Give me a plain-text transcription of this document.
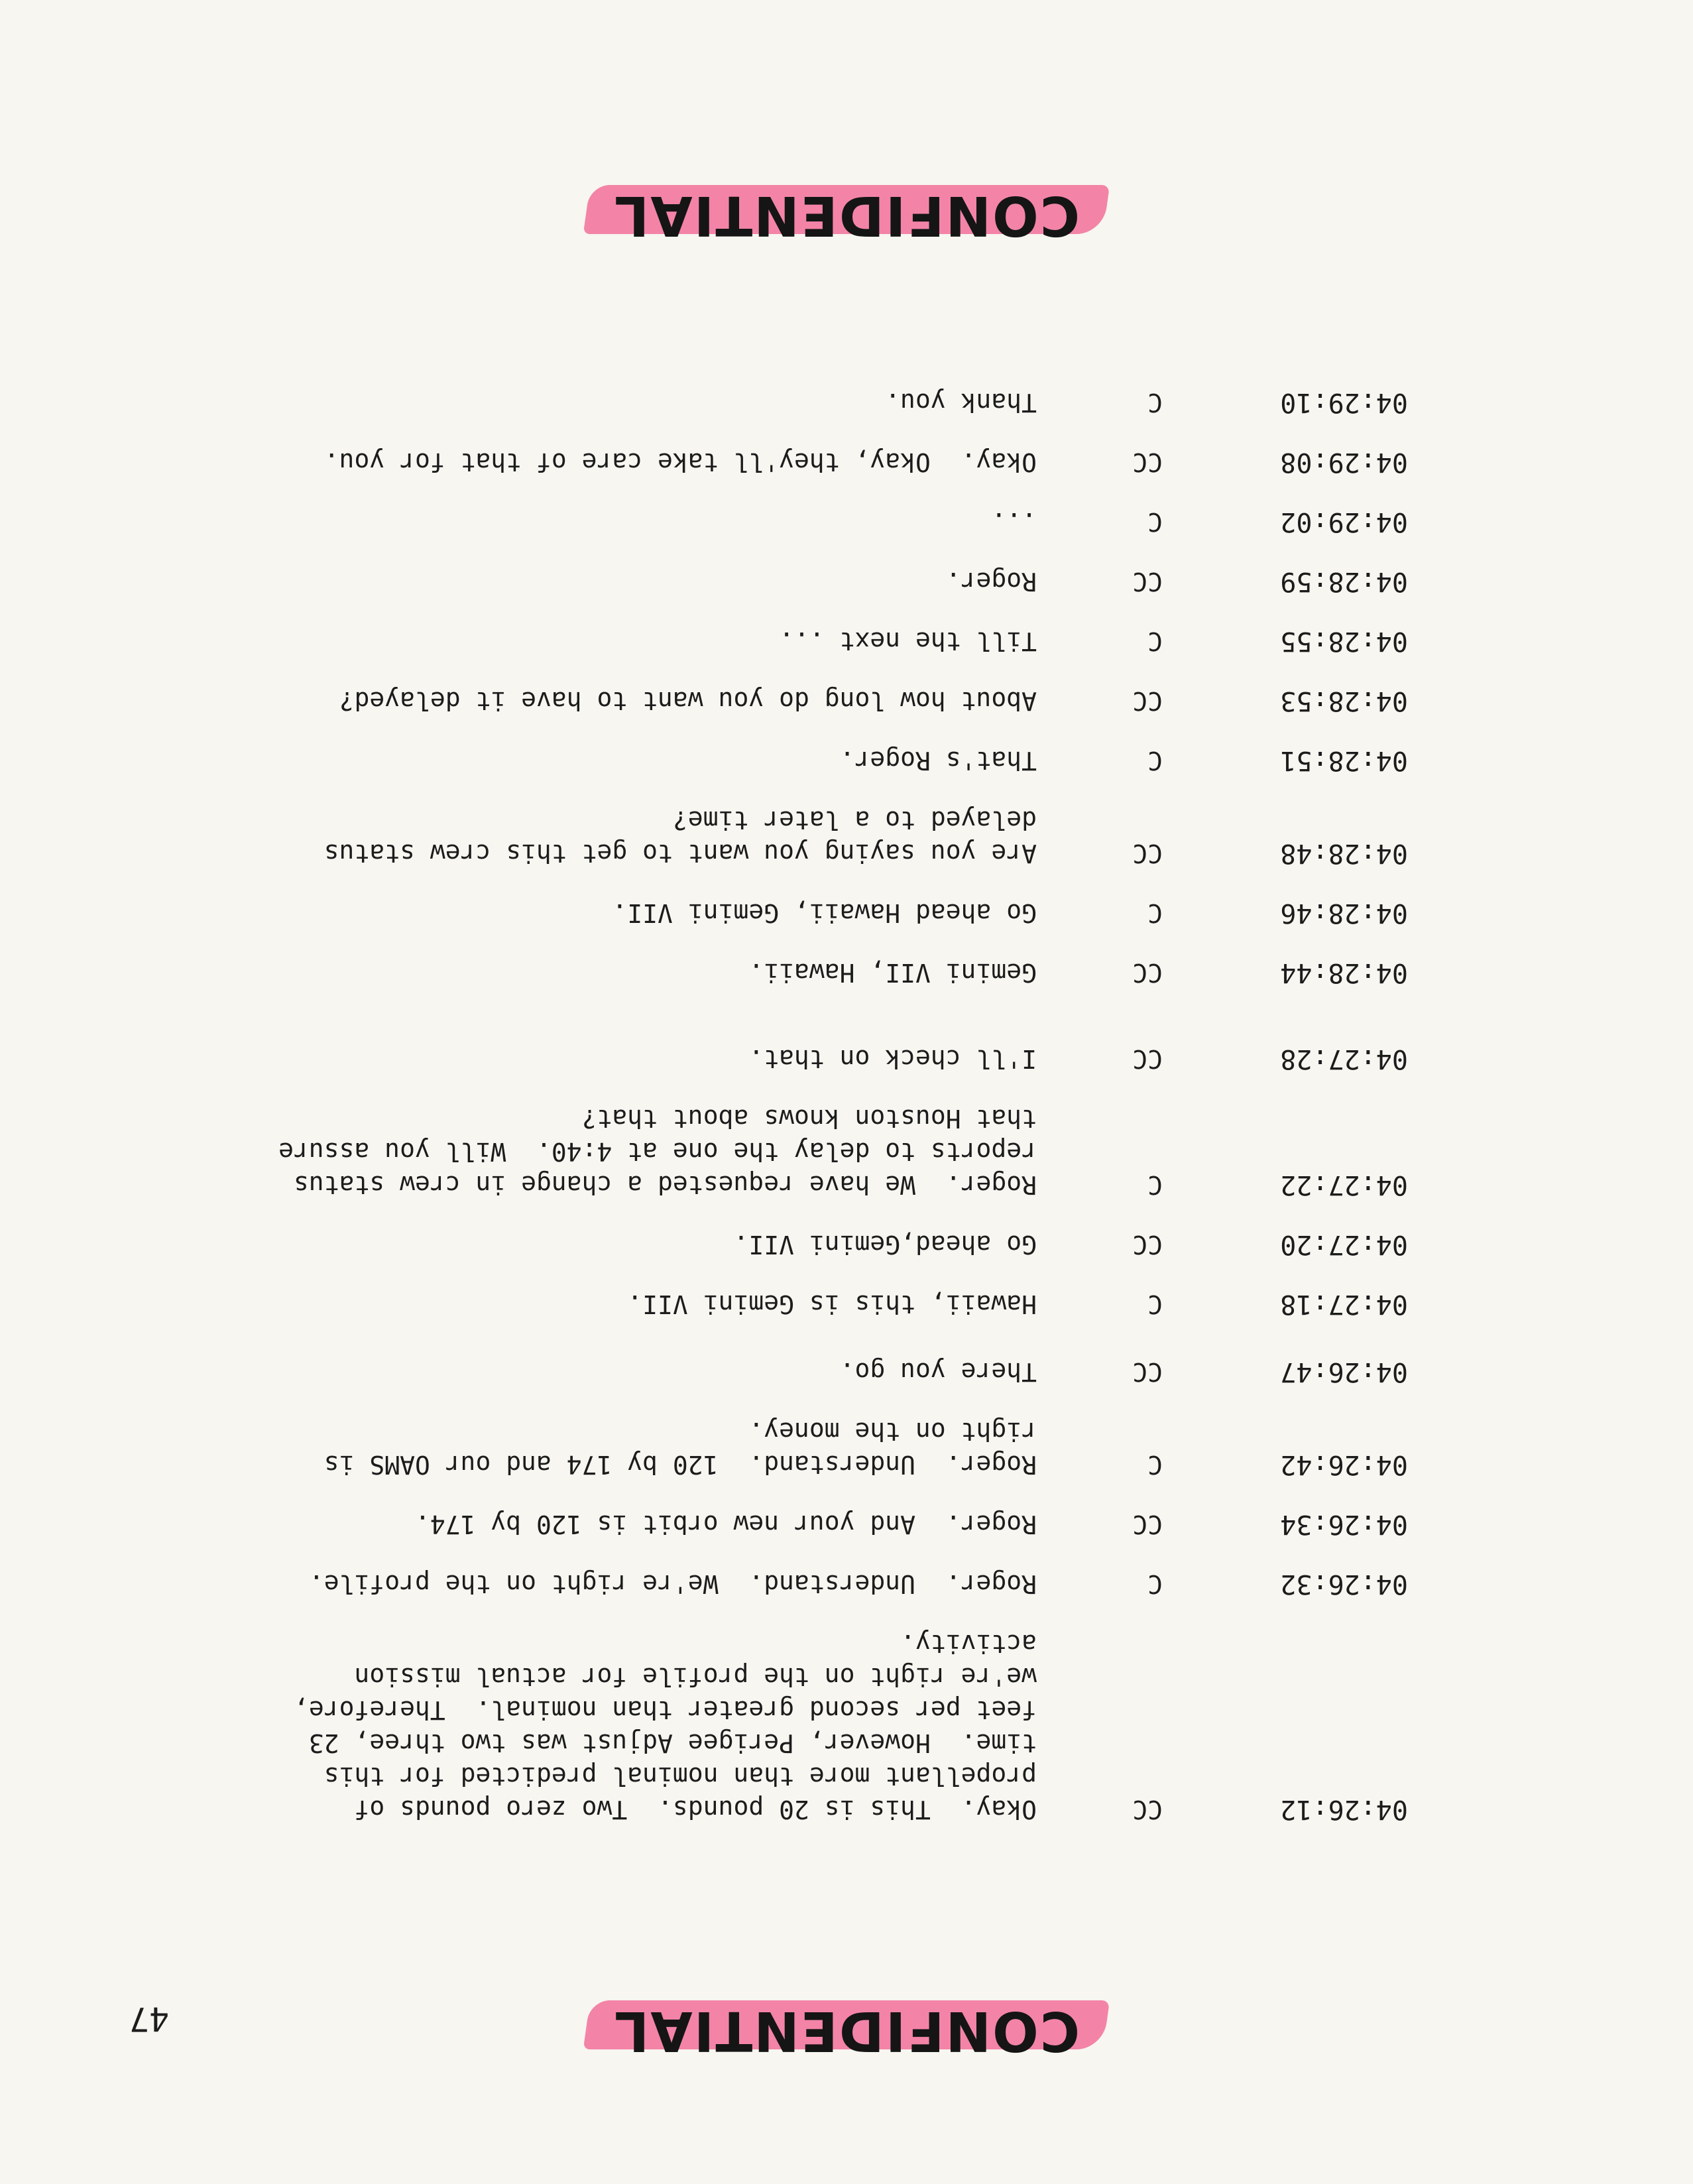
CONFIDENTIAL
47
04:26:12
CC
Okay.  This is 20 pounds.  Two zero pounds of
propellant more than nominal predicted for this
time.  However, Perigee Adjust was two three, 23
feet per second greater than nominal.  Therefore,
we're right on the profile for actual mission
activity.
04:26:32
C
Roger.  Understand.  We're right on the profile.
04:26:34
CC
Roger.  And your new orbit is 120 by 174.
04:26:42
C
Roger.  Understand.  120 by 174 and our OAMS is
right on the money.
04:26:47
CC
There you go.
04:27:18
C
Hawaii, this is Gemini VII.
04:27:20
CC
Go ahead,Gemini VII.
04:27:22
C
Roger.  We have requested a change in crew status
reports to delay the one at 4:40.  Will you assure
that Houston knows about that?
04:27:28
CC
I'll check on that.
04:28:44
CC
Gemini VII, Hawaii.
04:28:46
C
Go ahead Hawaii, Gemini VII.
04:28:48
CC
Are you saying you want to get this crew status
delayed to a later time?
04:28:51
C
That's Roger.
04:28:53
CC
About how long do you want to have it delayed?
04:28:55
C
Till the next ...
04:28:59
CC
Roger.
04:29:02
C
...
04:29:08
CC
Okay.  Okay, they'll take care of that for you.
04:29:10
C
Thank you.
CONFIDENTIAL
